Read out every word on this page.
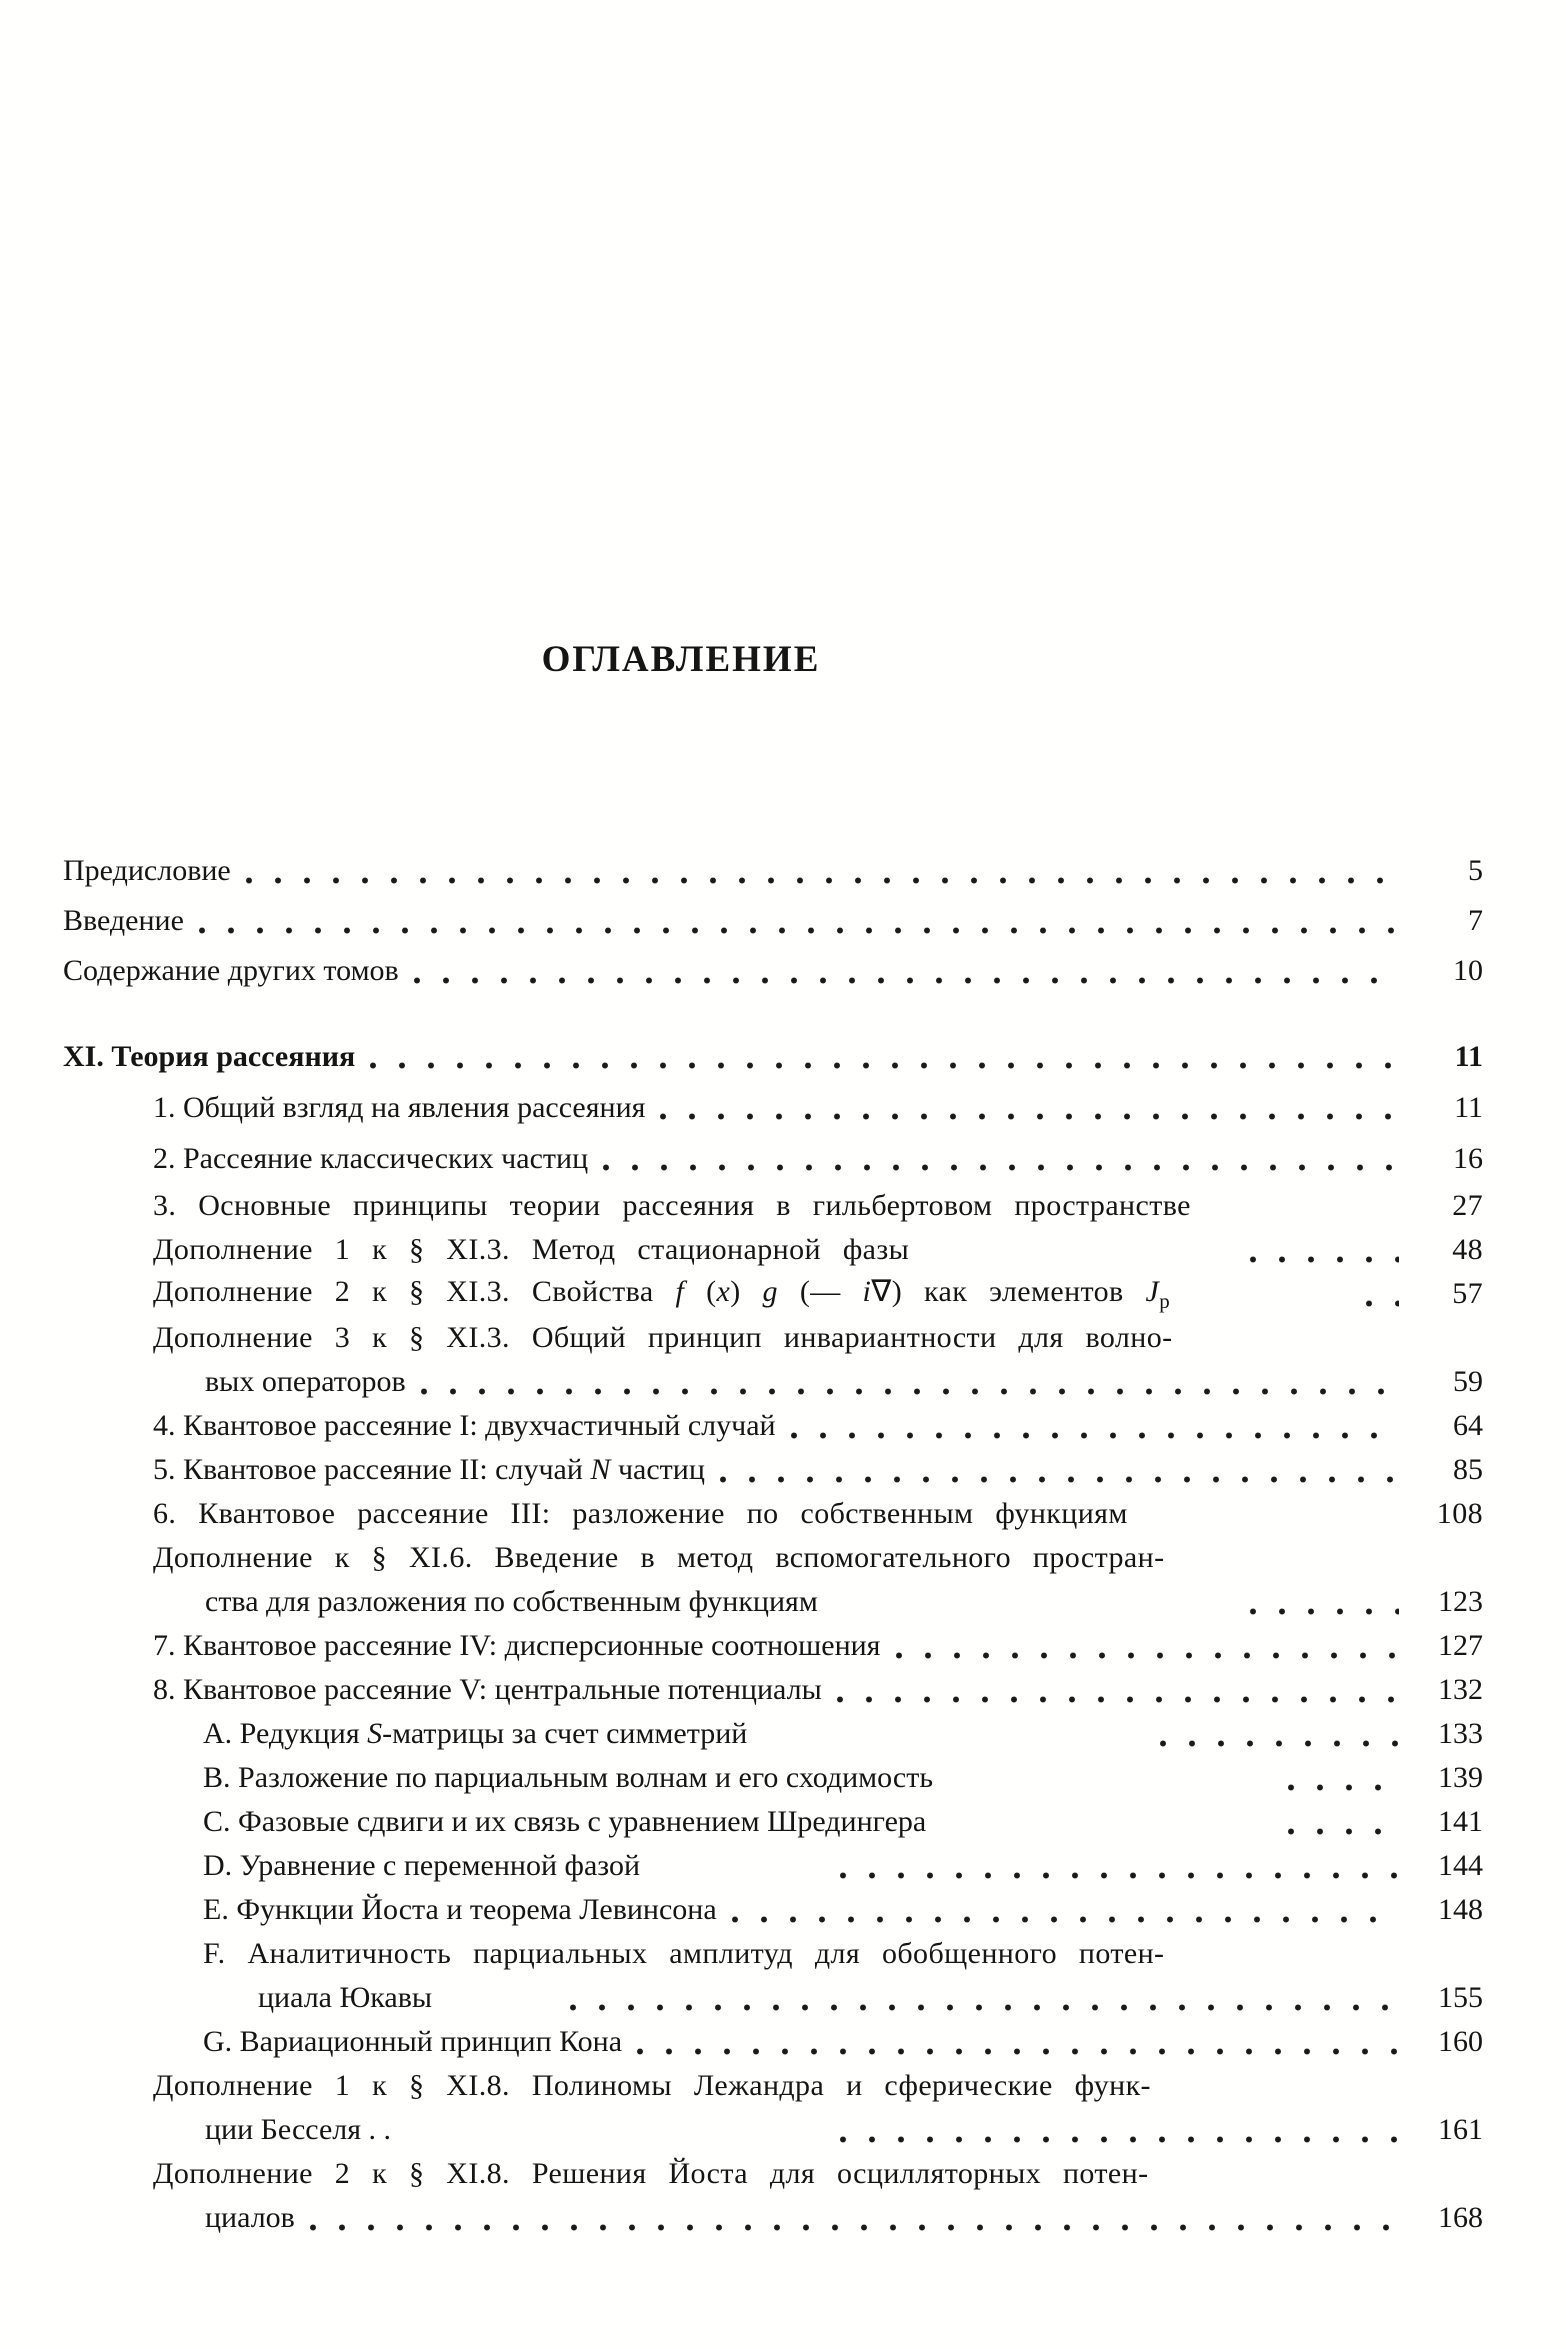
ОГЛАВЛЕНИЕ
Предисловие	5
Введение	7
Содержание других томов	10
XI. Теория рассеяния	11
1. Общий взгляд на явления рассеяния	11
2. Рассеяние классических частиц	16
3. Основные принципы теории рассеяния в гильбертовом пространстве	27
Дополнение 1 к § XI.3. Метод стационарной фазы	48
Дополнение 2 к § XI.3. Свойства f (x) g (— i∇) как элементов $J_p$	57
Дополнение 3 к § XI.3. Общий принцип инвариантности для волно-
вых операторов	59
4. Квантовое рассеяние I: двухчастичный случай	64
5. Квантовое рассеяние II: случай N частиц	85
6. Квантовое рассеяние III: разложение по собственным функциям	108
Дополнение к § XI.6. Введение в метод вспомогательного простран-
ства для разложения по собственным функциям	123
7. Квантовое рассеяние IV: дисперсионные соотношения	127
8. Квантовое рассеяние V: центральные потенциалы	132
A. Редукция S-матрицы за счет симметрий	133
B. Разложение по парциальным волнам и его сходимость	139
C. Фазовые сдвиги и их связь с уравнением Шредингера	141
D. Уравнение с переменной фазой	144
E. Функции Йоста и теорема Левинсона	148
F. Аналитичность парциальных амплитуд для обобщенного потен-
циала Юкавы	155
G. Вариационный принцип Кона	160
Дополнение 1 к § XI.8. Полиномы Лежандра и сферические функ-
ции Бесселя . .	161
Дополнение 2 к § XI.8. Решения Йоста для осцилляторных потен-
циалов	168
